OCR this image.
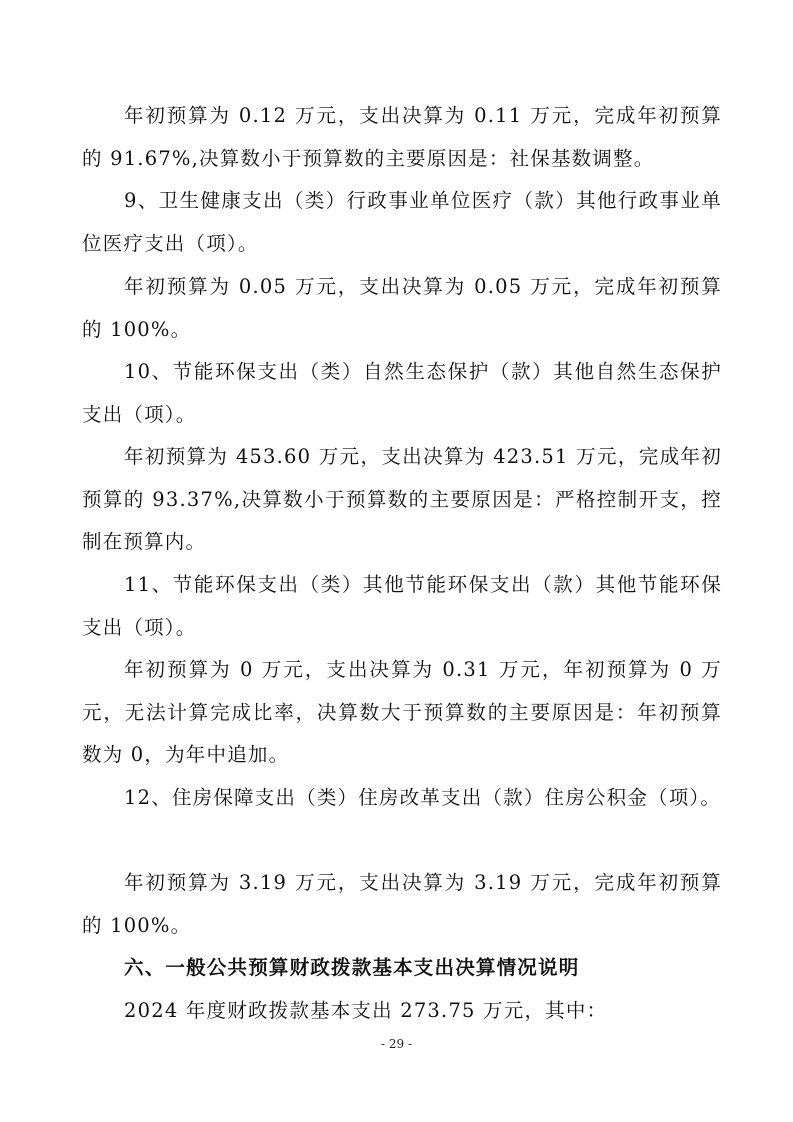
年初预算为 0.12 万元，支出决算为 0.11 万元，完成年初预算的 91.67%,决算数小于预算数的主要原因是：社保基数调整。

9、卫生健康支出（类）行政事业单位医疗（款）其他行政事业单位医疗支出（项）。

年初预算为 0.05 万元，支出决算为 0.05 万元，完成年初预算的 100%。

10、节能环保支出（类）自然生态保护（款）其他自然生态保护支出（项）。

年初预算为 453.60 万元，支出决算为 423.51 万元，完成年初预算的 93.37%,决算数小于预算数的主要原因是：严格控制开支，控制在预算内。

11、节能环保支出（类）其他节能环保支出（款）其他节能环保支出（项）。

年初预算为 0 万元，支出决算为 0.31 万元，年初预算为 0 万元，无法计算完成比率，决算数大于预算数的主要原因是：年初预算数为 0，为年中追加。

12、住房保障支出（类）住房改革支出（款）住房公积金（项）。

年初预算为 3.19 万元，支出决算为 3.19 万元，完成年初预算的 100%。

六、一般公共预算财政拨款基本支出决算情况说明

2024 年度财政拨款基本支出 273.75 万元，其中：

- 29 -
